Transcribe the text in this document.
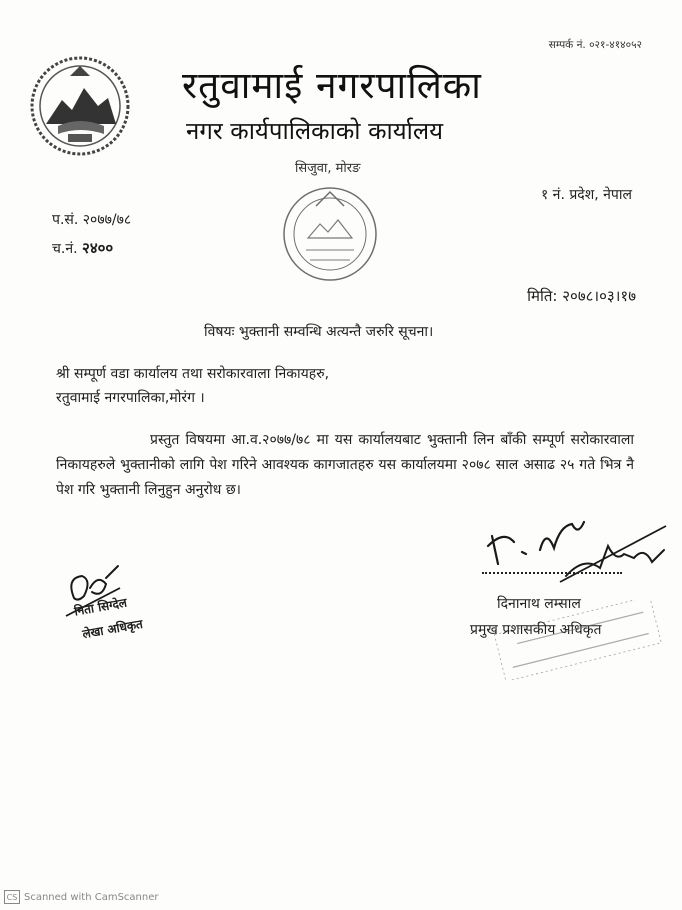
सम्पर्क नं. ०२१-४१४०५२
रतुवामाई नगरपालिका
नगर कार्यपालिकाको कार्यालय
सिजुवा, मोरङ
१ नं. प्रदेश, नेपाल
प.सं. २०७७/७८
च.नं. २४००
मिति: २०७८।०३।१७
विषयः भुक्तानी सम्वन्धि अत्यन्तै जरुरि सूचना।
श्री सम्पूर्ण वडा कार्यालय तथा सरोकारवाला निकायहरु,
रतुवामाई नगरपालिका,मोरंग ।
प्रस्तुत विषयमा आ.व.२०७७/७८ मा यस कार्यालयबाट भुक्तानी लिन बाँकी सम्पूर्ण सरोकारवाला निकायहरुले भुक्तानीको लागि पेश गरिने आवश्यक कागजातहरु यस कार्यालयमा २०७८ साल असाढ २५ गते भित्र नै पेश गरि भुक्तानी लिनुहुन अनुरोध छ।
दिनानाथ लम्साल
प्रमुख प्रशासकीय अधिकृत
निता सिग्देल
लेखा अधिकृत
CS Scanned with CamScanner
